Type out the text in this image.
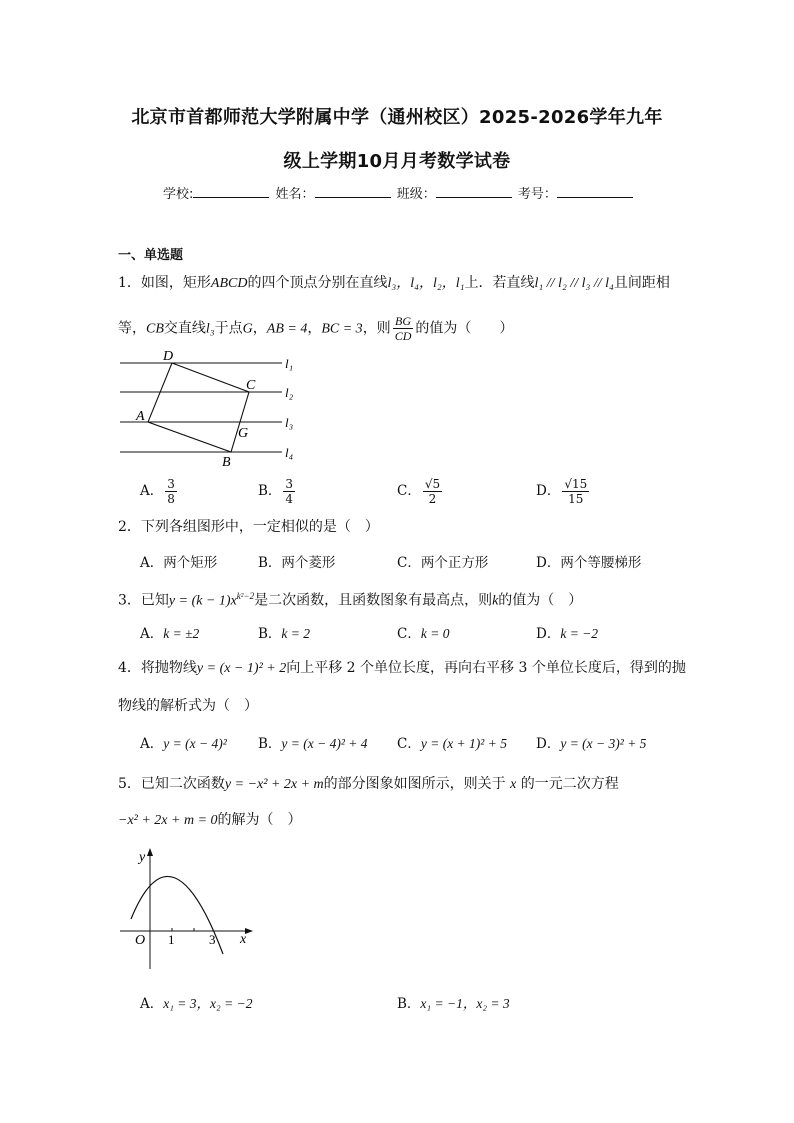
北京市首都师范大学附属中学（通州校区）2025-2026学年九年
级上学期10月月考数学试卷
学校:	姓名：	班级：	考号：
一、单选题
1．如图，矩形ABCD的四个顶点分别在直线l₃，l₄，l₂，l₁上．若直线l₁ // l₂ // l₃ // l₄且间距相
等，CB交直线l₃于点G，AB = 4，BC = 3，则 $\frac{BG}{CD}$ 的值为（　　）
D
C
A
G
B
l₁
l₂
l₃
l₄
A． $\frac{3}{8}$	B． $\frac{3}{4}$	C． $\frac{√5}{2}$	D． $\frac{√15}{15}$
2．下列各组图形中，一定相似的是（　）
A．两个矩形	B．两个菱形	C．两个正方形	D．两个等腰梯形
3．已知$y = (k - 1)x^{k^2-2}$是二次函数，且函数图象有最高点，则k的值为（　）
A．k = ±2	B．k = 2	C．k = 0	D．k = −2
4．将抛物线y = (x − 1)² + 2向上平移 2 个单位长度，再向右平移 3 个单位长度后，得到的抛
物线的解析式为（　）
A．y = (x − 4)² B．y = (x − 4)² + 4 C．y = (x + 1)² + 5 D．y = (x − 3)² + 5
5．已知二次函数y = −x² + 2x + m的部分图象如图所示，则关于 x 的一元二次方程
−x² + 2x + m = 0的解为（　）
y
x
O 1	3
A．x₁ = 3，x₂ = −2	B．x₁ = −1，x₂ = 3
